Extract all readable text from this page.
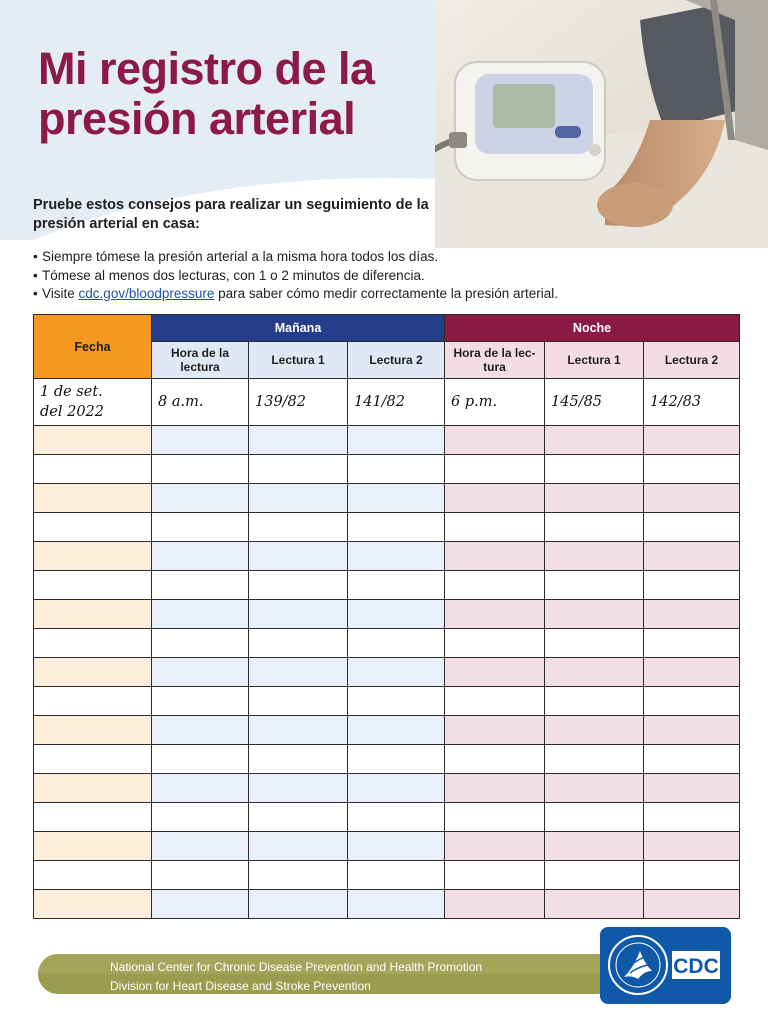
Mi registro de la
presión arterial

Pruebe estos consejos para realizar un seguimiento de la presión arterial en casa:

• Siempre tómese la presión arterial a la misma hora todos los días.
• Tómese al menos dos lecturas, con 1 o 2 minutos de diferencia.
• Visite cdc.gov/bloodpressure para saber cómo medir correctamente la presión arterial.
Fecha	Mañana			Noche		
	Hora de la lectura	Lectura 1	Lectura 2	Hora de la lec-tura	Lectura 1	Lectura 2
1 de set.
del 2022	8 a.m.	139/82	141/82	6 p.m.	145/85	142/83

National Center for Chronic Disease Prevention and Health Promotion
Division for Heart Disease and Stroke Prevention
CDC
